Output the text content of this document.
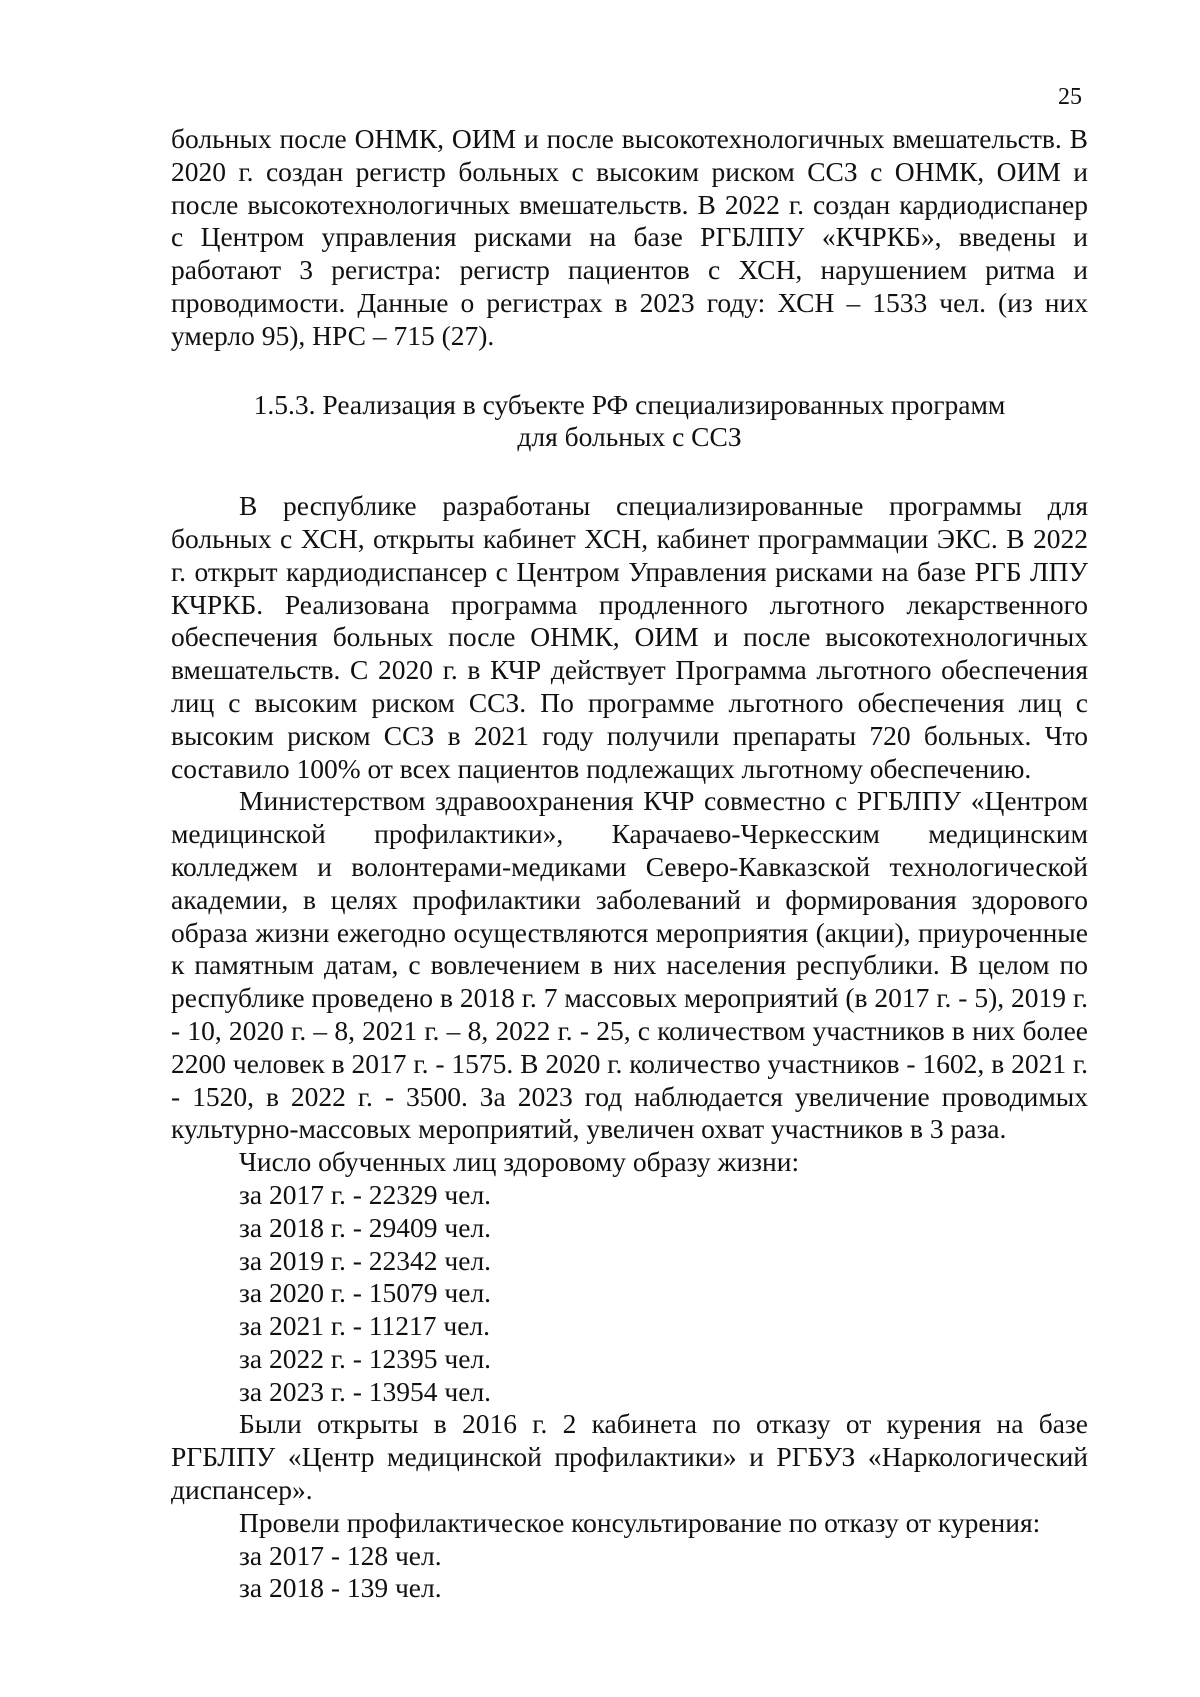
25

больных после ОНМК, ОИМ и после высокотехнологичных вмешательств. В 2020 г. создан регистр больных с высоким риском ССЗ с ОНМК, ОИМ и после высокотехнологичных вмешательств. В 2022 г. создан кардиодиспанер с Центром управления рисками на базе РГБЛПУ «КЧРКБ», введены и работают 3 регистра: регистр пациентов с ХСН, нарушением ритма и проводимости. Данные о регистрах в 2023 году: ХСН – 1533 чел. (из них умерло 95), НРС – 715 (27).

1.5.3. Реализация в субъекте РФ специализированных программ
для больных с ССЗ

В республике разработаны специализированные программы для больных с ХСН, открыты кабинет ХСН, кабинет программации ЭКС. В 2022 г. открыт кардиодиспансер с Центром Управления рисками на базе РГБ ЛПУ КЧРКБ. Реализована программа продленного льготного лекарственного обеспечения больных после ОНМК, ОИМ и после высокотехнологичных вмешательств. С 2020 г. в КЧР действует Программа льготного обеспечения лиц с высоким риском ССЗ. По программе льготного обеспечения лиц с высоким риском ССЗ в 2021 году получили препараты 720 больных. Что составило 100% от всех пациентов подлежащих льготному обеспечению.

Министерством здравоохранения КЧР совместно с РГБЛПУ «Центром медицинской профилактики», Карачаево-Черкесским медицинским колледжем и волонтерами-медиками Северо-Кавказской технологической академии, в целях профилактики заболеваний и формирования здорового образа жизни ежегодно осуществляются мероприятия (акции), приуроченные к памятным датам, с вовлечением в них населения республики. В целом по республике проведено в 2018 г. 7 массовых мероприятий (в 2017 г. - 5), 2019 г. - 10, 2020 г. – 8, 2021 г. – 8, 2022 г. - 25, с количеством участников в них более 2200 человек в 2017 г. - 1575. В 2020 г. количество участников - 1602, в 2021 г. - 1520, в 2022 г. - 3500. За 2023 год наблюдается увеличение проводимых культурно-массовых мероприятий, увеличен охват участников в 3 раза.

Число обученных лиц здоровому образу жизни:

за 2017 г. - 22329 чел.

за 2018 г. - 29409 чел.

за 2019 г. - 22342 чел.

за 2020 г. - 15079 чел.

за 2021 г. - 11217 чел.

за 2022 г. - 12395 чел.

за 2023 г. - 13954 чел.

Были открыты в 2016 г. 2 кабинета по отказу от курения на базе РГБЛПУ «Центр медицинской профилактики» и РГБУЗ «Наркологический диспансер».

Провели профилактическое консультирование по отказу от курения:

за 2017 - 128 чел.

за 2018 - 139 чел.
